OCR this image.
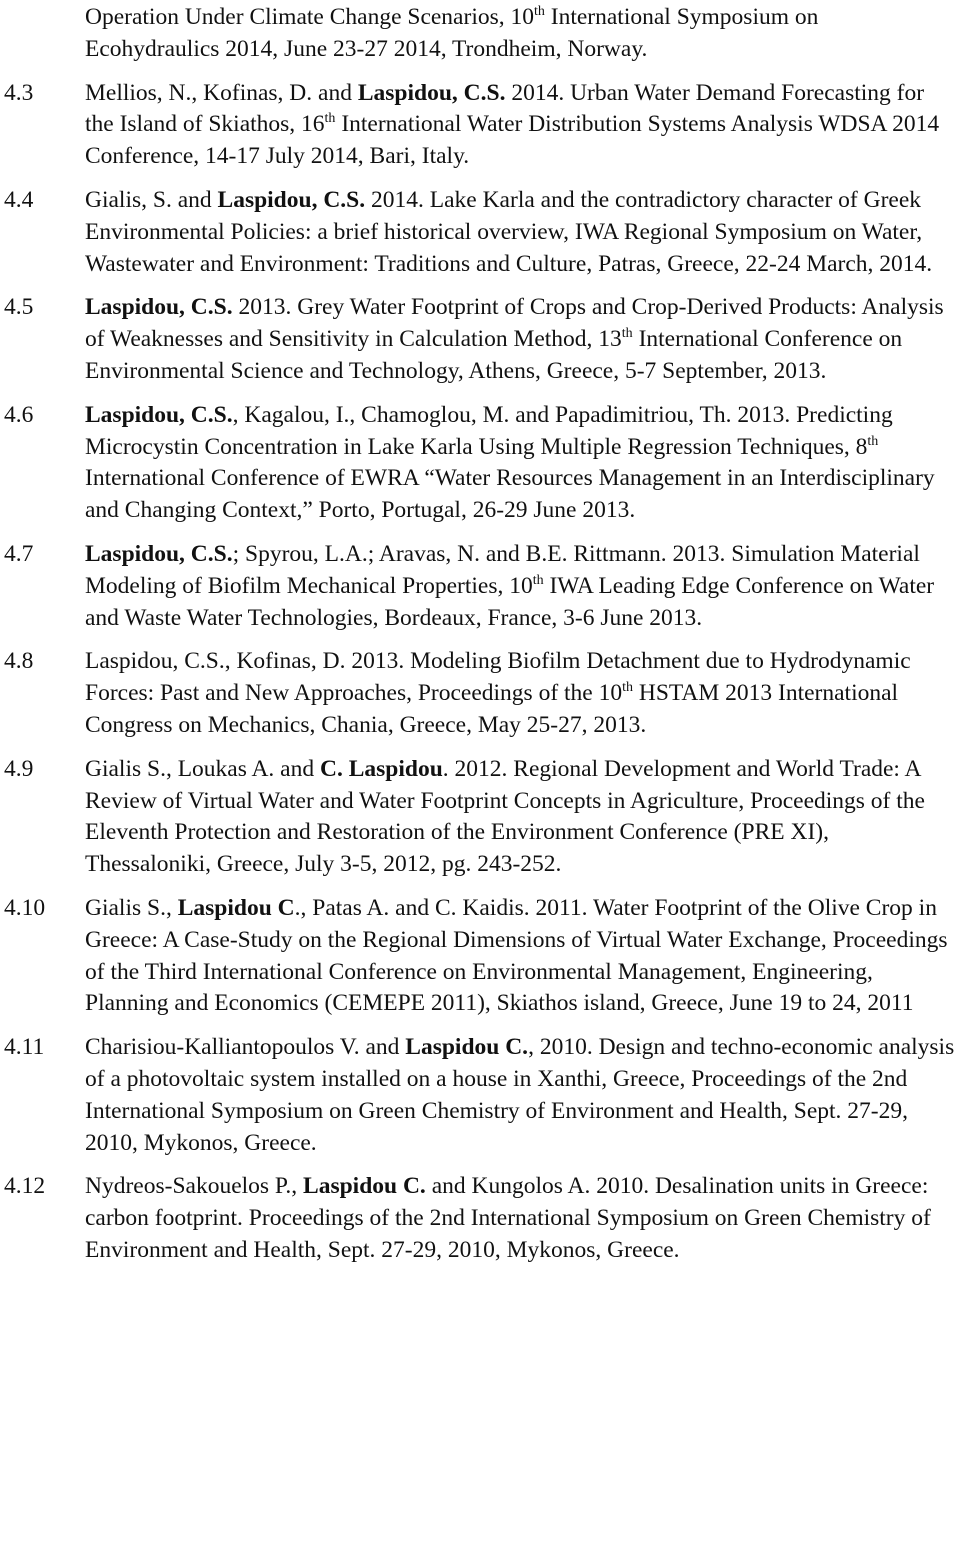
Operation Under Climate Change Scenarios, 10th International Symposium on Ecohydraulics 2014, June 23-27 2014, Trondheim, Norway.
4.3 Mellios, N., Kofinas, D. and Laspidou, C.S. 2014. Urban Water Demand Forecasting for the Island of Skiathos, 16th International Water Distribution Systems Analysis WDSA 2014 Conference, 14-17 July 2014, Bari, Italy.
4.4 Gialis, S. and Laspidou, C.S. 2014. Lake Karla and the contradictory character of Greek Environmental Policies: a brief historical overview, IWA Regional Symposium on Water, Wastewater and Environment: Traditions and Culture, Patras, Greece, 22-24 March, 2014.
4.5 Laspidou, C.S. 2013. Grey Water Footprint of Crops and Crop-Derived Products: Analysis of Weaknesses and Sensitivity in Calculation Method, 13th International Conference on Environmental Science and Technology, Athens, Greece, 5-7 September, 2013.
4.6 Laspidou, C.S., Kagalou, I., Chamoglou, M. and Papadimitriou, Th. 2013. Predicting Microcystin Concentration in Lake Karla Using Multiple Regression Techniques, 8th International Conference of EWRA “Water Resources Management in an Interdisciplinary and Changing Context,” Porto, Portugal, 26-29 June 2013.
4.7 Laspidou, C.S.; Spyrou, L.A.; Aravas, N. and B.E. Rittmann. 2013. Simulation Material Modeling of Biofilm Mechanical Properties, 10th IWA Leading Edge Conference on Water and Waste Water Technologies, Bordeaux, France, 3-6 June 2013.
4.8 Laspidou, C.S., Kofinas, D. 2013. Modeling Biofilm Detachment due to Hydrodynamic Forces: Past and New Approaches, Proceedings of the 10th HSTAM 2013 International Congress on Mechanics, Chania, Greece, May 25-27, 2013.
4.9 Gialis S., Loukas A. and C. Laspidou. 2012. Regional Development and World Trade: A Review of Virtual Water and Water Footprint Concepts in Agriculture, Proceedings of the Eleventh Protection and Restoration of the Environment Conference (PRE XI), Thessaloniki, Greece, July 3-5, 2012, pg. 243-252.
4.10 Gialis S., Laspidou C., Patas A. and C. Kaidis. 2011. Water Footprint of the Olive Crop in Greece: A Case-Study on the Regional Dimensions of Virtual Water Exchange, Proceedings of the Third International Conference on Environmental Management, Engineering, Planning and Economics (CEMEPE 2011), Skiathos island, Greece, June 19 to 24, 2011
4.11 Charisiou-Kalliantopoulos V. and Laspidou C., 2010. Design and techno-economic analysis of a photovoltaic system installed on a house in Xanthi, Greece, Proceedings of the 2nd International Symposium on Green Chemistry of Environment and Health, Sept. 27-29, 2010, Mykonos, Greece.
4.12 Nydreos-Sakouelos P., Laspidou C. and Kungolos A. 2010. Desalination units in Greece: carbon footprint. Proceedings of the 2nd International Symposium on Green Chemistry of Environment and Health, Sept. 27-29, 2010, Mykonos, Greece.
